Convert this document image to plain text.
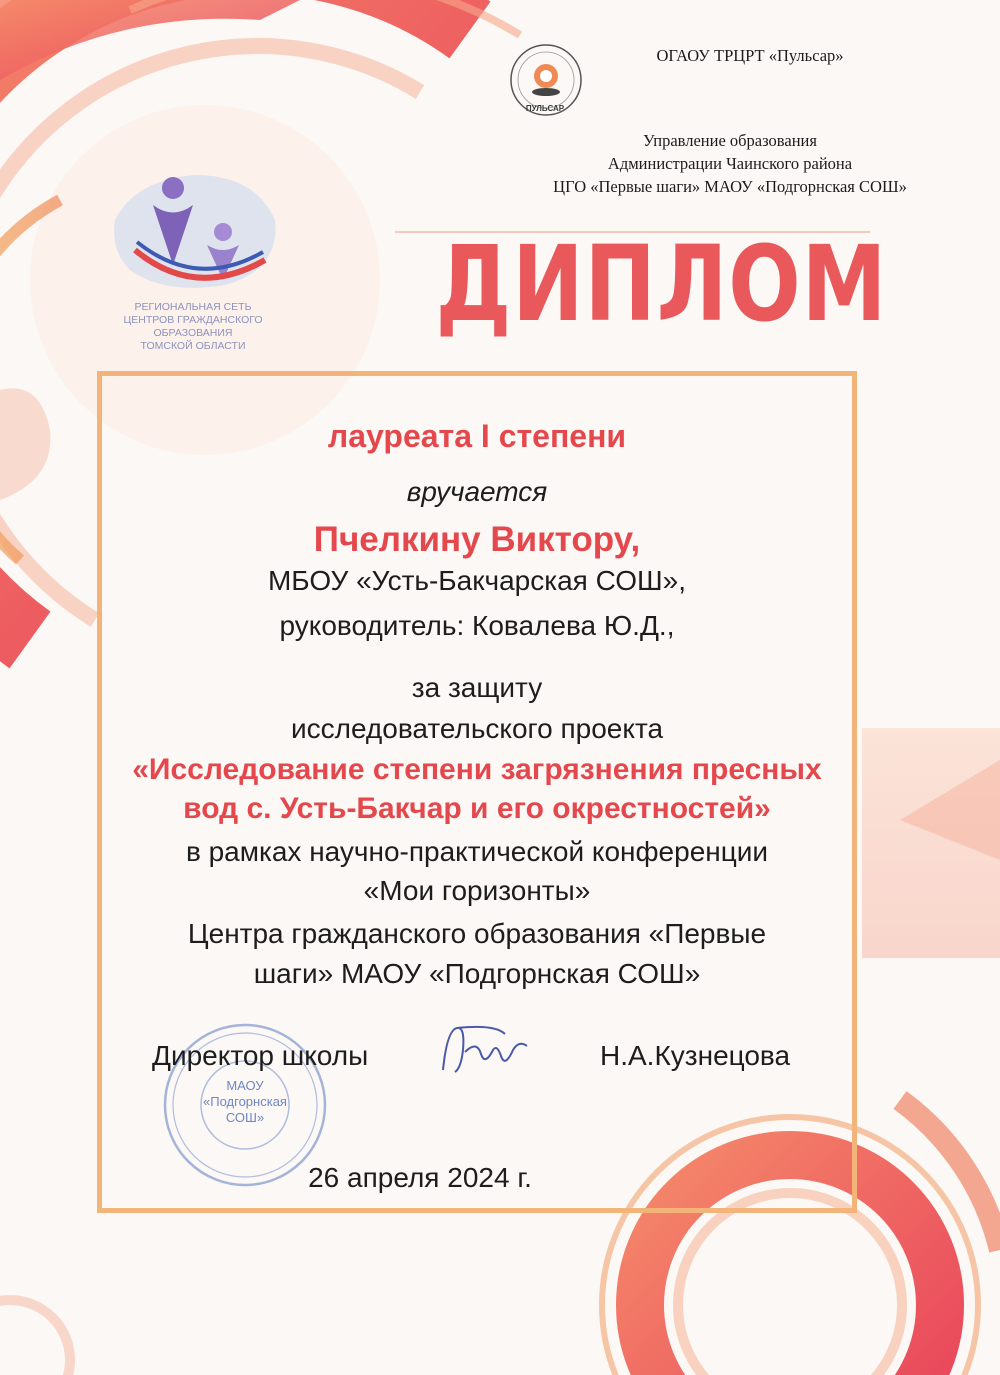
РЕГИОНАЛЬНАЯ СЕТЬ
ЦЕНТРОВ ГРАЖДАНСКОГО ОБРАЗОВАНИЯ
ТОМСКОЙ ОБЛАСТИ
ПУЛЬСАР
ОГАОУ ТРЦРТ «Пульсар»
Управление образования
Администрации Чаинского района
ЦГО «Первые шаги» МАОУ «Подгорнская СОШ»
ДИПЛОМ
лауреата I степени
вручается
Пчелкину Виктору,
МБОУ «Усть-Бакчарская СОШ»,
руководитель: Ковалева Ю.Д.,
за защиту
исследовательского проекта
«Исследование степени загрязнения пресных
вод с. Усть-Бакчар и его окрестностей»
в рамках научно-практической конференции
«Мои горизонты»
Центра гражданского образования «Первые
шаги» МАОУ «Подгорнская СОШ»
МАОУ
«Подгорнская
СОШ»
Директор школы	Н.А.Кузнецова
26 апреля 2024 г.
